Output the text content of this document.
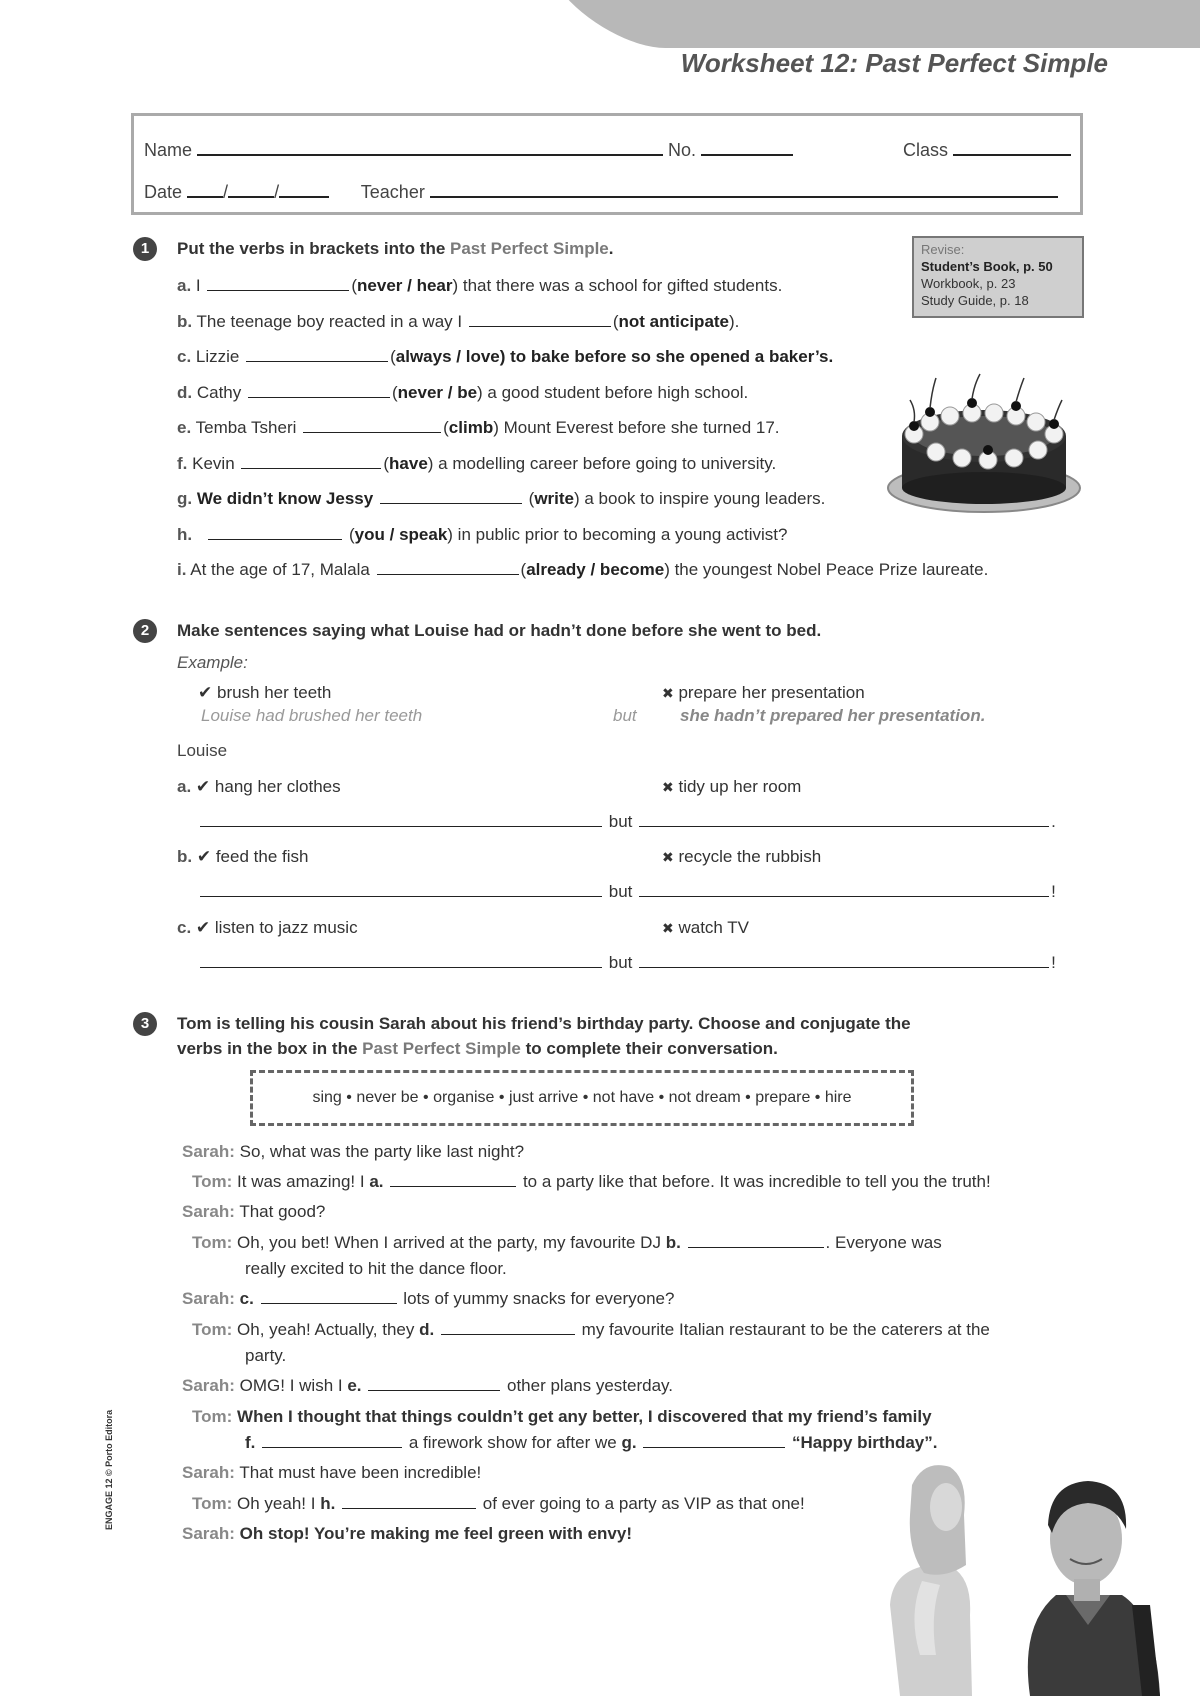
Worksheet 12: Past Perfect Simple
Name	No.	Class
Date /	/	Teacher
Revise:
Student’s Book, p. 50
Workbook, p. 23
Study Guide, p. 18
1	Put the verbs in brackets into the Past Perfect Simple.
a. I	(never / hear) that there was a school for gifted students.
b. The teenage boy reacted in a way I	(not anticipate).
c. Lizzie	(always / love) to bake before so she opened a baker’s.
d. Cathy	(never / be) a good student before high school.
e. Temba Tsheri	(climb) Mount Everest before she turned 17.
f. Kevin	(have) a modelling career before going to university.
g. We didn’t know Jessy	(write) a book to inspire young leaders.
h.	(you / speak) in public prior to becoming a young activist?
i. At the age of 17, Malala	(already / become) the youngest Nobel Peace Prize laureate.
2	Make sentences saying what Louise had or hadn’t done before she went to bed.
Example:
✔ brush her teeth	✖ prepare her presentation
Louise had brushed her teeth	but	she hadn’t prepared her presentation.
Louise
a. ✔ hang her clothes	✖ tidy up her room
but	.
b. ✔ feed the fish	✖ recycle the rubbish
but	!
c. ✔ listen to jazz music	✖ watch TV
but	!
3	Tom is telling his cousin Sarah about his friend’s birthday party. Choose and conjugate the
verbs in the box in the Past Perfect Simple to complete their conversation.
sing • never be • organise • just arrive • not have • not dream • prepare • hire
Sarah: So, what was the party like last night?
Tom: It was amazing! I a.	to a party like that before. It was incredible to tell you the truth!
Sarah: That good?
Tom: Oh, you bet! When I arrived at the party, my favourite DJ b.	. Everyone was
really excited to hit the dance floor.
Sarah: c.	lots of yummy snacks for everyone?
Tom: Oh, yeah! Actually, they d.	my favourite Italian restaurant to be the caterers at the
party.
Sarah: OMG! I wish I e.	other plans yesterday.
Tom: When I thought that things couldn’t get any better, I discovered that my friend’s family
f.	a firework show for after we g.	“Happy birthday”.
Sarah: That must have been incredible!
Tom: Oh yeah! I h.	of ever going to a party as VIP as that one!
Sarah: Oh stop! You’re making me feel green with envy!
ENGAGE 12 © Porto Editora
